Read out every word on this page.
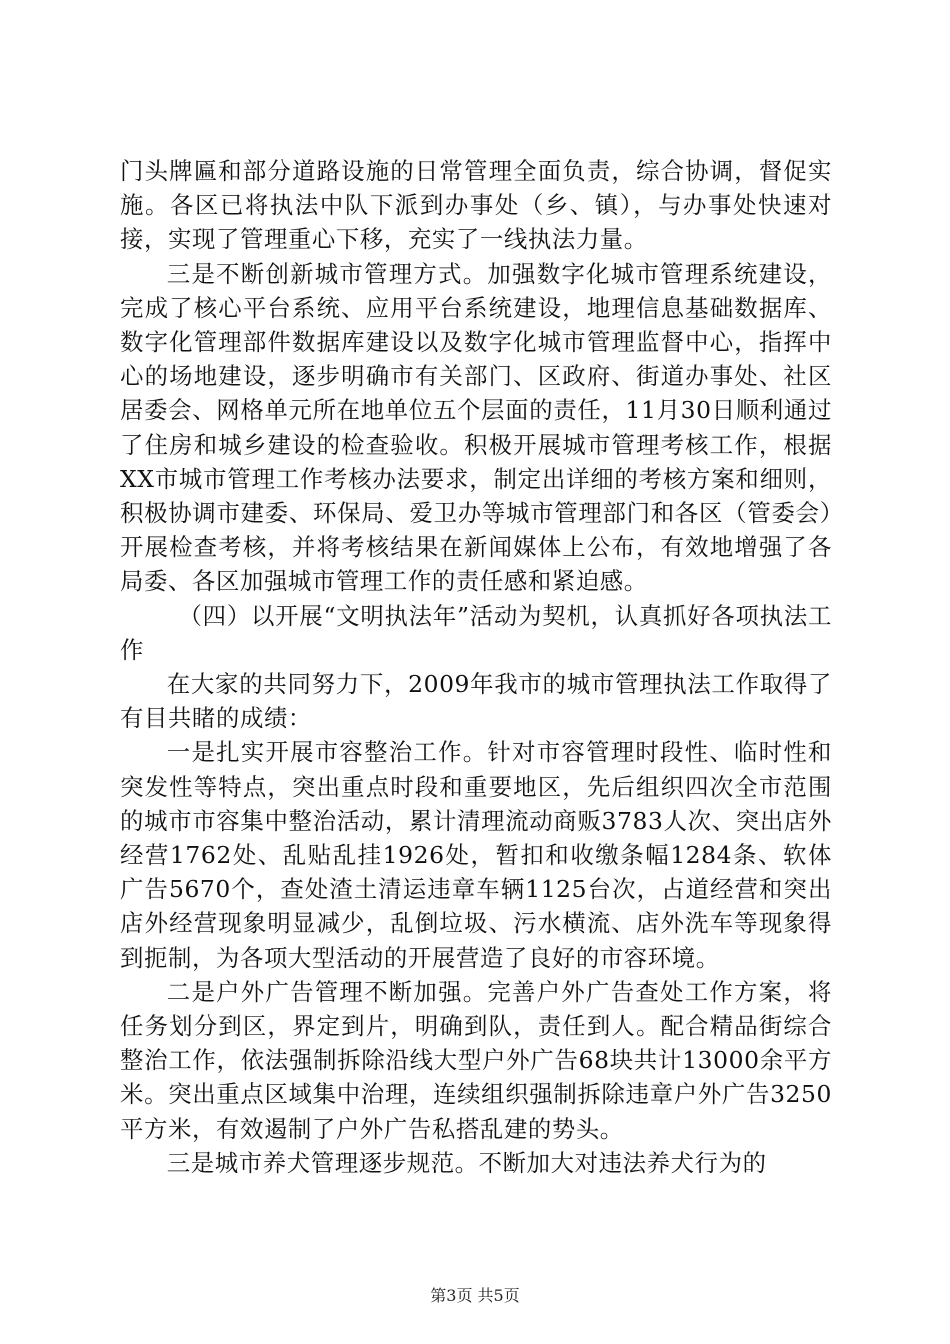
门头牌匾和部分道路设施的日常管理全面负责，综合协调，督促实施。各区已将执法中队下派到办事处（乡、镇），与办事处快速对接，实现了管理重心下移，充实了一线执法力量。

三是不断创新城市管理方式。加强数字化城市管理系统建设，完成了核心平台系统、应用平台系统建设，地理信息基础数据库、数字化管理部件数据库建设以及数字化城市管理监督中心，指挥中心的场地建设，逐步明确市有关部门、区政府、街道办事处、社区居委会、网格单元所在地单位五个层面的责任，11月30日顺利通过了住房和城乡建设的检查验收。积极开展城市管理考核工作，根据XX市城市管理工作考核办法要求，制定出详细的考核方案和细则，积极协调市建委、环保局、爱卫办等城市管理部门和各区（管委会）开展检查考核，并将考核结果在新闻媒体上公布，有效地增强了各局委、各区加强城市管理工作的责任感和紧迫感。

（四）以开展“文明执法年”活动为契机，认真抓好各项执法工作

在大家的共同努力下，2009年我市的城市管理执法工作取得了有目共睹的成绩：

一是扎实开展市容整治工作。针对市容管理时段性、临时性和突发性等特点，突出重点时段和重要地区，先后组织四次全市范围的城市市容集中整治活动，累计清理流动商贩3783人次、突出店外经营1762处、乱贴乱挂1926处，暂扣和收缴条幅1284条、软体广告5670个，查处渣土清运违章车辆1125台次，占道经营和突出店外经营现象明显减少，乱倒垃圾、污水横流、店外洗车等现象得到扼制，为各项大型活动的开展营造了良好的市容环境。

二是户外广告管理不断加强。完善户外广告查处工作方案，将任务划分到区，界定到片，明确到队，责任到人。配合精品街综合整治工作，依法强制拆除沿线大型户外广告68块共计13000余平方米。突出重点区域集中治理，连续组织强制拆除违章户外广告3250平方米，有效遏制了户外广告私搭乱建的势头。

三是城市养犬管理逐步规范。不断加大对违法养犬行为的

第3页 共5页
